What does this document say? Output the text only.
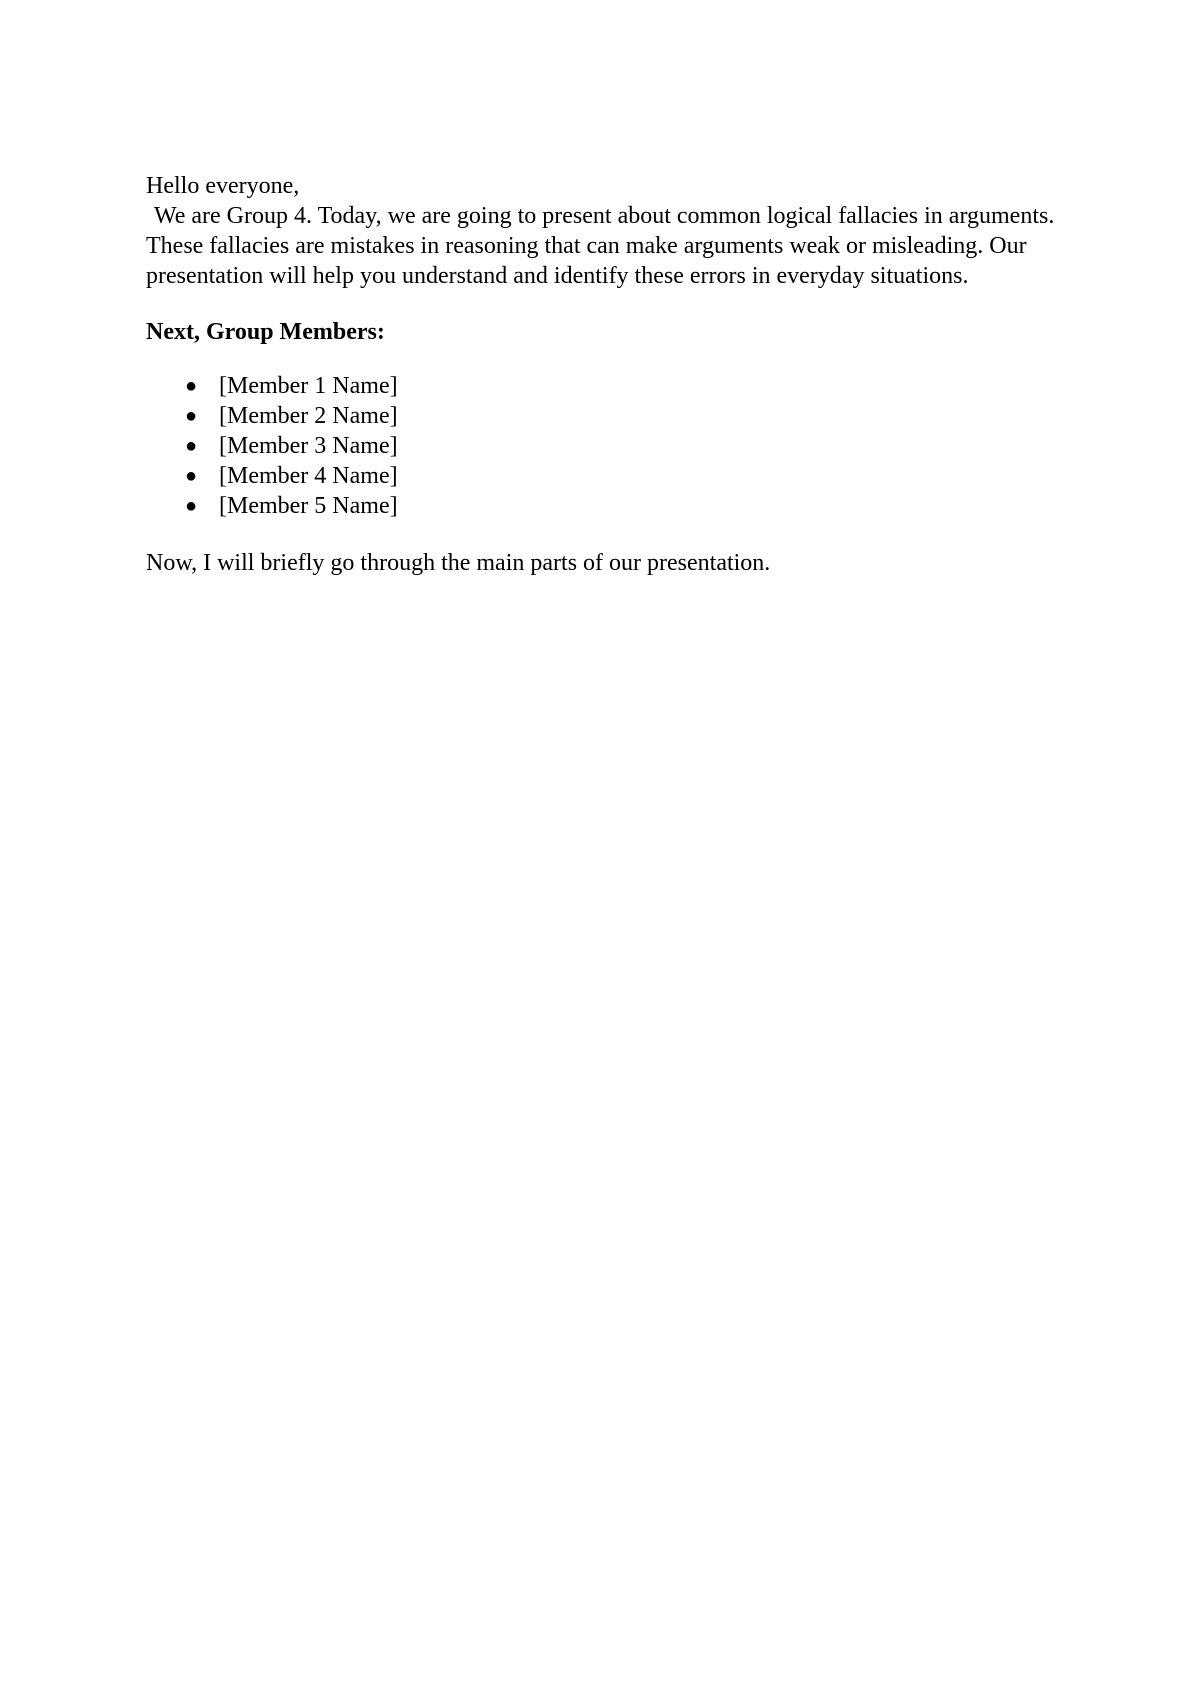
Hello everyone,

We are Group 4. Today, we are going to present about common logical fallacies in arguments. These fallacies are mistakes in reasoning that can make arguments weak or misleading. Our presentation will help you understand and identify these errors in everyday situations.

Next, Group Members:

● [Member 1 Name]
● [Member 2 Name]
● [Member 3 Name]
● [Member 4 Name]
● [Member 5 Name]

Now, I will briefly go through the main parts of our presentation.
